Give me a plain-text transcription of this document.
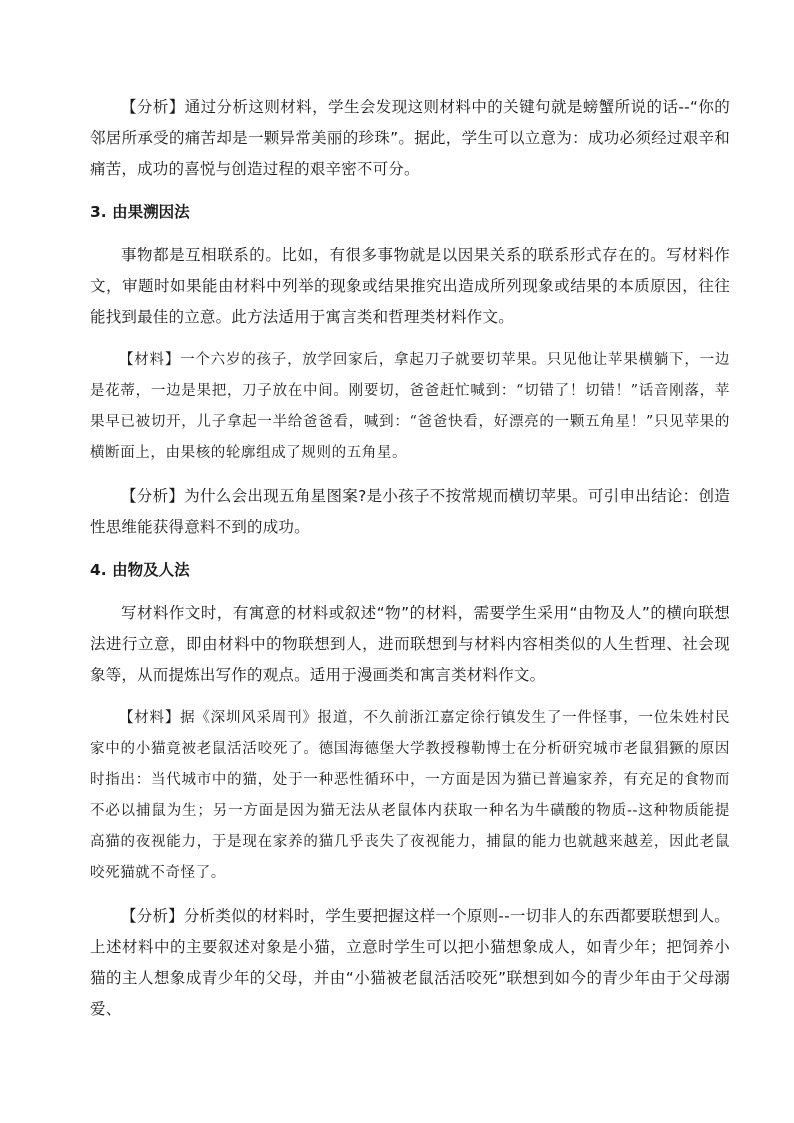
【分析】通过分析这则材料，学生会发现这则材料中的关键句就是螃蟹所说的话--“你的邻居所承受的痛苦却是一颗异常美丽的珍珠”。据此，学生可以立意为：成功必须经过艰辛和痛苦，成功的喜悦与创造过程的艰辛密不可分。

3. 由果溯因法

事物都是互相联系的。比如，有很多事物就是以因果关系的联系形式存在的。写材料作文，审题时如果能由材料中列举的现象或结果推究出造成所列现象或结果的本质原因，往往能找到最佳的立意。此方法适用于寓言类和哲理类材料作文。

【材料】一个六岁的孩子，放学回家后，拿起刀子就要切苹果。只见他让苹果横躺下，一边是花蒂，一边是果把，刀子放在中间。刚要切，爸爸赶忙喊到：“切错了！切错！”话音刚落，苹果早已被切开，儿子拿起一半给爸爸看，喊到：“爸爸快看，好漂亮的一颗五角星！”只见苹果的横断面上，由果核的轮廓组成了规则的五角星。

【分析】为什么会出现五角星图案?是小孩子不按常规而横切苹果。可引申出结论：创造性思维能获得意料不到的成功。

4. 由物及人法

写材料作文时，有寓意的材料或叙述“物”的材料，需要学生采用“由物及人”的横向联想法进行立意，即由材料中的物联想到人，进而联想到与材料内容相类似的人生哲理、社会现象等，从而提炼出写作的观点。适用于漫画类和寓言类材料作文。

【材料】据《深圳风采周刊》报道，不久前浙江嘉定徐行镇发生了一件怪事，一位朱姓村民家中的小猫竟被老鼠活活咬死了。德国海德堡大学教授穆勒博士在分析研究城市老鼠猖獗的原因时指出：当代城市中的猫，处于一种恶性循环中，一方面是因为猫已普遍家养，有充足的食物而不必以捕鼠为生；另一方面是因为猫无法从老鼠体内获取一种名为牛磺酸的物质--这种物质能提高猫的夜视能力，于是现在家养的猫几乎丧失了夜视能力，捕鼠的能力也就越来越差，因此老鼠咬死猫就不奇怪了。

【分析】分析类似的材料时，学生要把握这样一个原则--一切非人的东西都要联想到人。上述材料中的主要叙述对象是小猫，立意时学生可以把小猫想象成人，如青少年；把饲养小猫的主人想象成青少年的父母，并由“小猫被老鼠活活咬死”联想到如今的青少年由于父母溺爱、
